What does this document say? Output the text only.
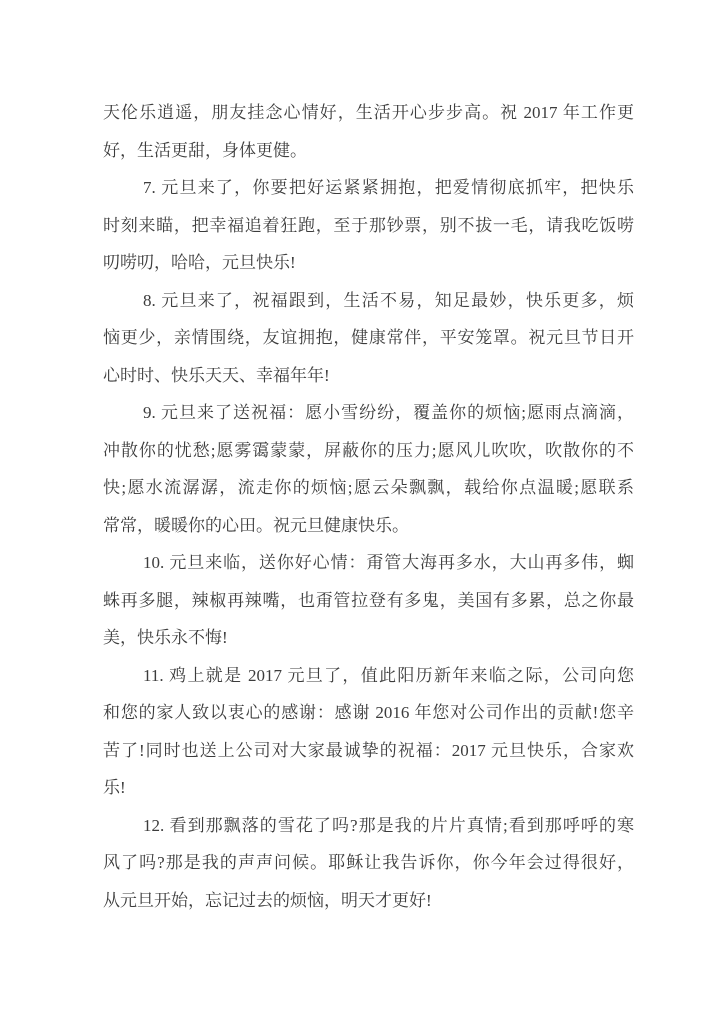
天伦乐逍遥，朋友挂念心情好，生活开心步步高。祝 2017 年工作更
好，生活更甜，身体更健。
7. 元旦来了，你要把好运紧紧拥抱，把爱情彻底抓牢，把快乐
时刻来瞄，把幸福追着狂跑，至于那钞票，别不拔一毛，请我吃饭唠
叨唠叨，哈哈，元旦快乐!
8. 元旦来了，祝福跟到，生活不易，知足最妙，快乐更多，烦
恼更少，亲情围绕，友谊拥抱，健康常伴，平安笼罩。祝元旦节日开
心时时、快乐天天、幸福年年!
9. 元旦来了送祝福：愿小雪纷纷，覆盖你的烦恼;愿雨点滴滴，
冲散你的忧愁;愿雾霭蒙蒙，屏蔽你的压力;愿风儿吹吹，吹散你的不
快;愿水流潺潺，流走你的烦恼;愿云朵飘飘，载给你点温暖;愿联系
常常，暖暖你的心田。祝元旦健康快乐。
10. 元旦来临，送你好心情：甭管大海再多水，大山再多伟，蜘
蛛再多腿，辣椒再辣嘴，也甭管拉登有多鬼，美国有多累，总之你最
美，快乐永不悔!
11. 鸡上就是 2017 元旦了，值此阳历新年来临之际，公司向您
和您的家人致以衷心的感谢：感谢 2016 年您对公司作出的贡献!您辛
苦了!同时也送上公司对大家最诚挚的祝福：2017 元旦快乐，合家欢
乐!
12. 看到那飘落的雪花了吗?那是我的片片真情;看到那呼呼的寒
风了吗?那是我的声声问候。耶稣让我告诉你，你今年会过得很好，
从元旦开始，忘记过去的烦恼，明天才更好!
